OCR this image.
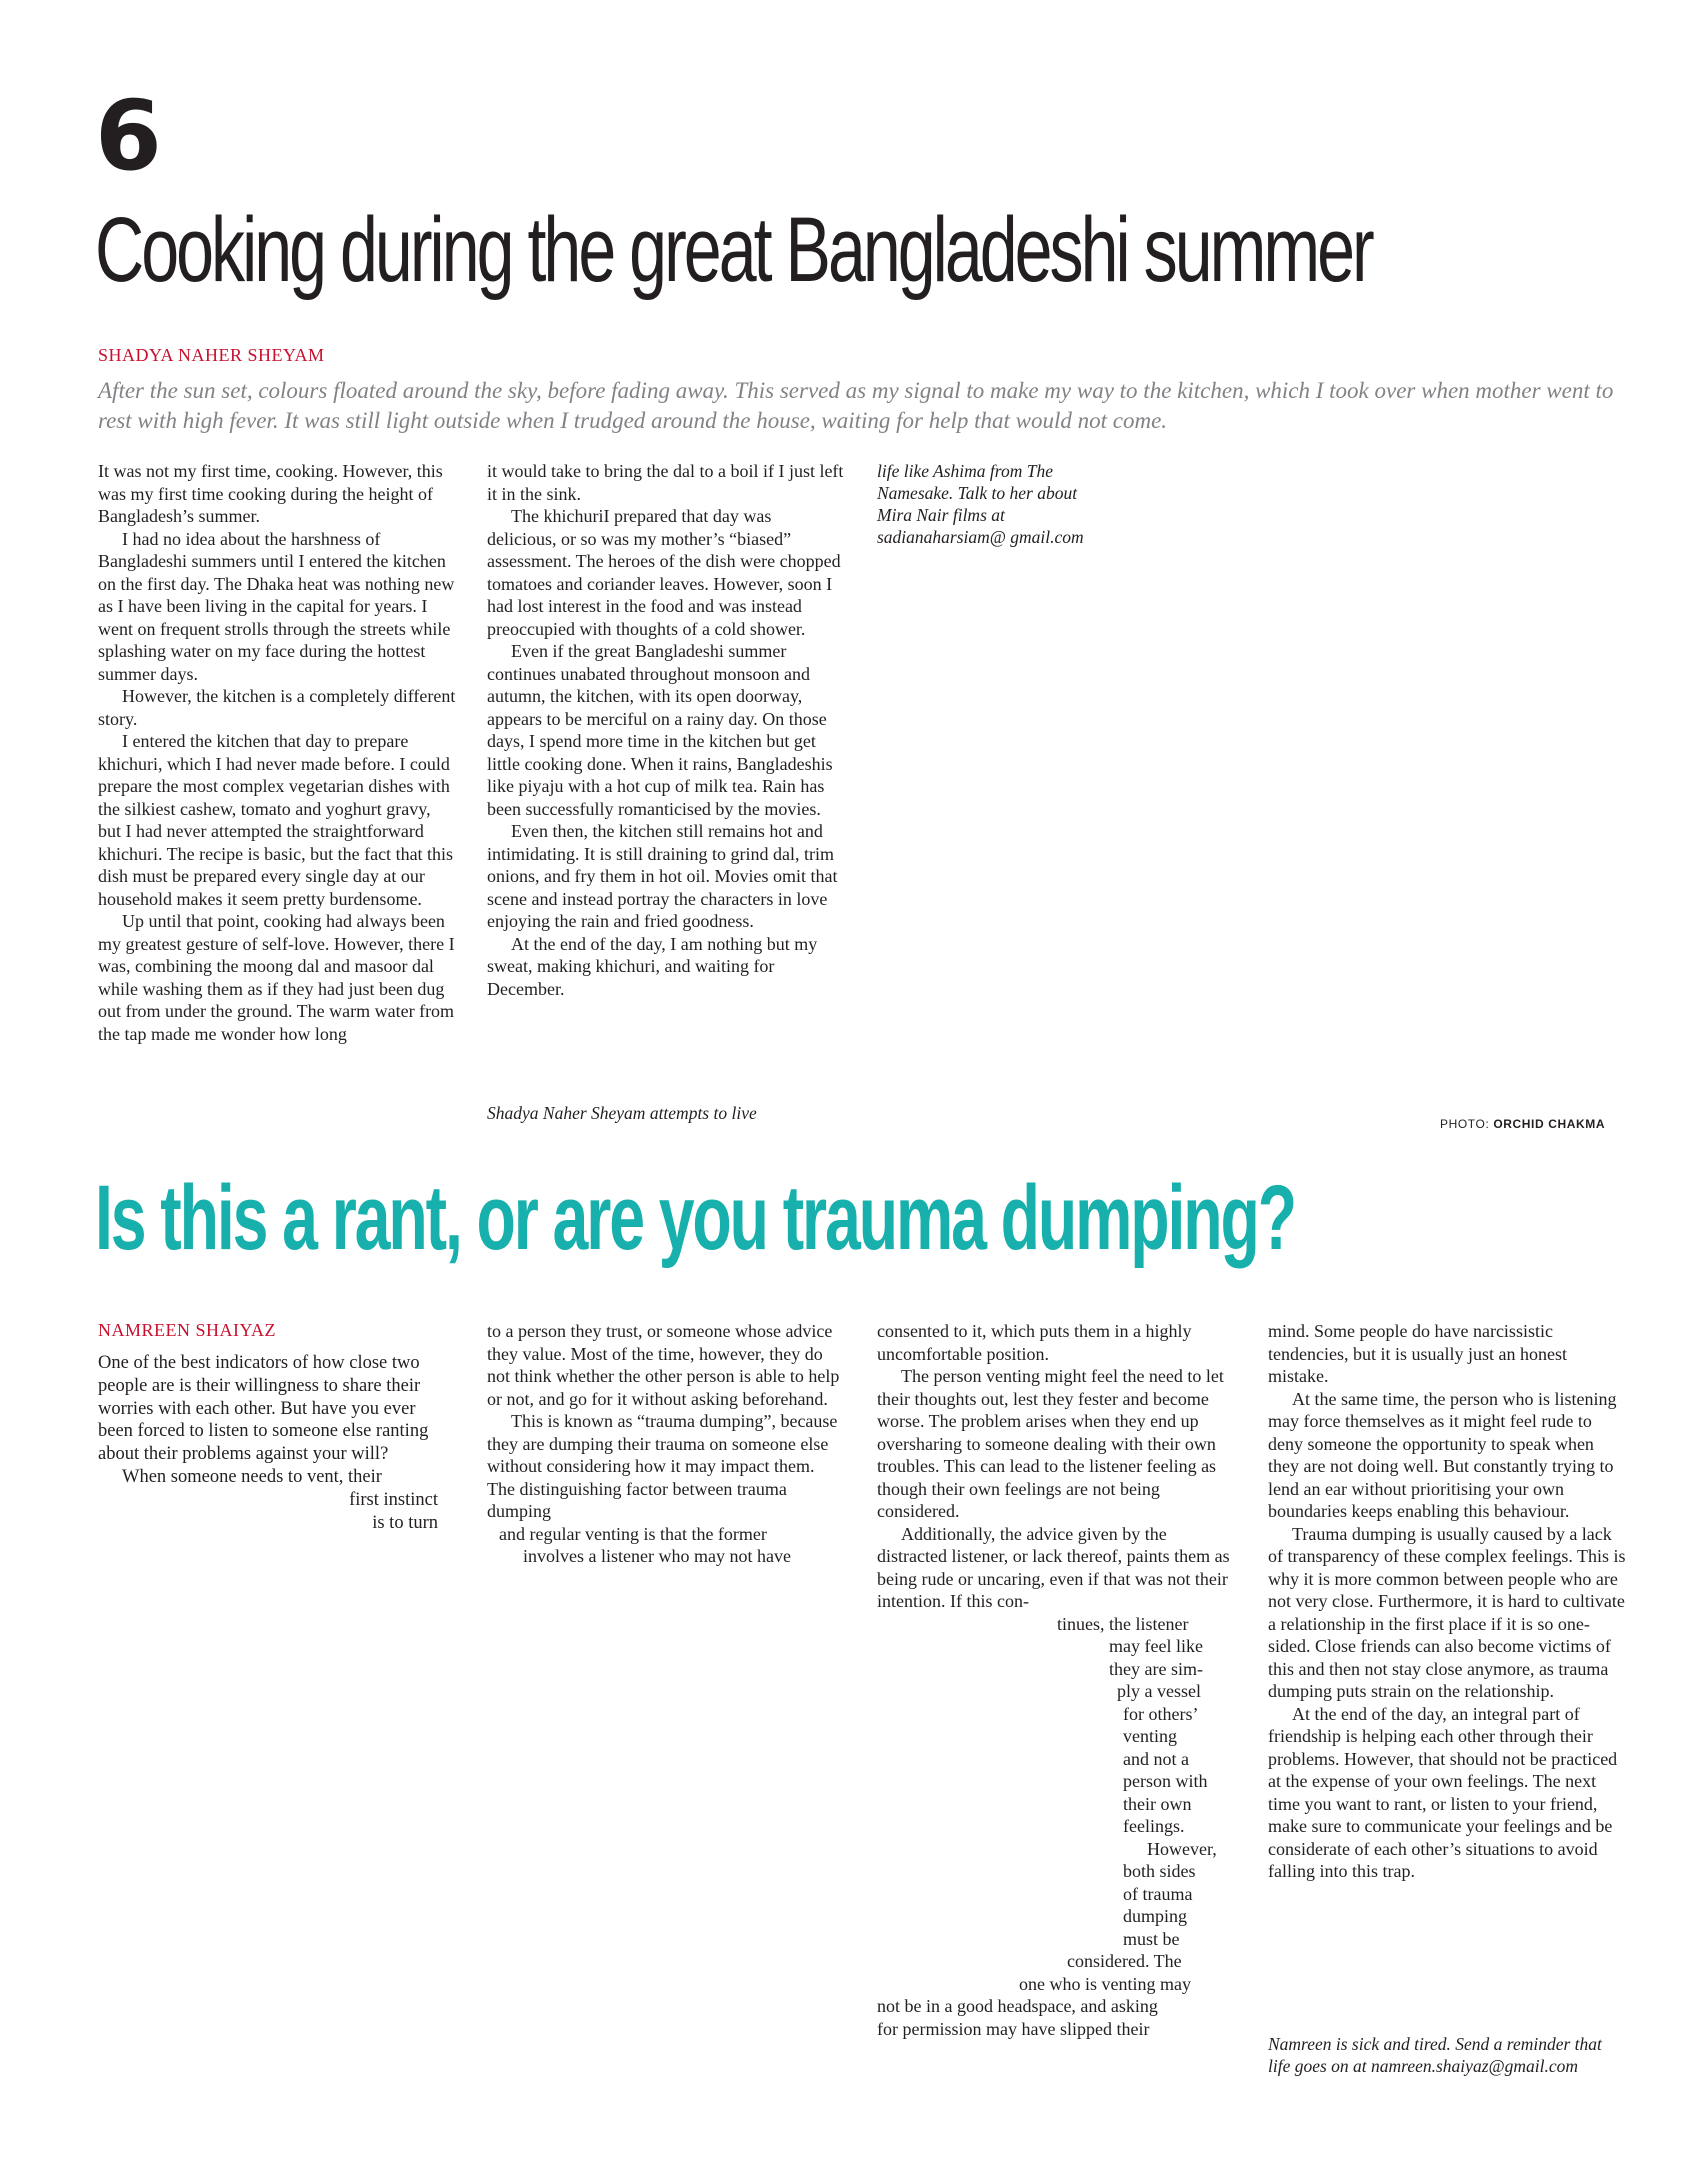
6
Cooking during the great Bangladeshi summer
SHADYA NAHER SHEYAM
After the sun set, colours floated around the sky, before fading away. This served as my signal to make my way to the kitchen, which I took over when mother went to rest with high fever. It was still light outside when I trudged around the house, waiting for help that would not come.

It was not my first time, cooking. However, this was my first time cooking during the height of Bangladesh’s summer.

I had no idea about the harshness of Bangladeshi summers until I entered the kitchen on the first day. The Dhaka heat was nothing new as I have been living in the capital for years. I went on frequent strolls through the streets while splashing water on my face during the hottest summer days.

However, the kitchen is a completely different story.

I entered the kitchen that day to prepare khichuri, which I had never made before. I could prepare the most complex vegetarian dishes with the silkiest cashew, tomato and yoghurt gravy, but I had never attempted the straightforward khichuri. The recipe is basic, but the fact that this dish must be prepared every single day at our household makes it seem pretty burdensome.

Up until that point, cooking had always been my greatest gesture of self-love. However, there I was, combining the moong dal and masoor dal while washing them as if they had just been dug out from under the ground. The warm water from the tap made me wonder how long

it would take to bring the dal to a boil if I just left it in the sink.

The khichuriI prepared that day was delicious, or so was my mother’s “biased” assessment. The heroes of the dish were chopped tomatoes and coriander leaves. However, soon I had lost interest in the food and was instead preoccupied with thoughts of a cold shower.

Even if the great Bangladeshi summer continues unabated throughout monsoon and autumn, the kitchen, with its open doorway, appears to be merciful on a rainy day. On those days, I spend more time in the kitchen but get little cooking done. When it rains, Bangladeshis like piyaju with a hot cup of milk tea. Rain has been successfully romanticised by the movies.

Even then, the kitchen still remains hot and intimidating. It is still draining to grind dal, trim onions, and fry them in hot oil. Movies omit that scene and instead portray the characters in love enjoying the rain and fried goodness.

At the end of the day, I am nothing but my sweat, making khichuri, and waiting for December.

Shadya Naher Sheyam attempts to live
life like Ashima from The Namesake. Talk to her about Mira Nair films at sadianaharsiam@ gmail.com
PHOTO: ORCHID CHAKMA
Is this a rant, or are you trauma dumping?
NAMREEN SHAIYAZ

One of the best indicators of how close two people are is their willingness to share their worries with each other. But have you ever been forced to listen to someone else ranting about their problems against your will?

When someone needs to vent, their

first instinct
is to turn

to a person they trust, or someone whose advice they value. Most of the time, however, they do not think whether the other person is able to help or not, and go for it without asking beforehand.

This is known as “trauma dumping”, because they are dumping their trauma on someone else without considering how it may impact them. The distinguishing factor between trauma dumping

and regular venting is that the former
involves a listener who may not have

consented to it, which puts them in a highly uncomfortable position.

The person venting might feel the need to let their thoughts out, lest they fester and become worse. The problem arises when they end up oversharing to someone dealing with their own troubles. This can lead to the listener feeling as though their own feelings are not being considered.

Additionally, the advice given by the distracted listener, or lack thereof, paints them as being rude or uncaring, even if that was not their intention. If this con-

tinues, the listener
may feel like
they are sim-
ply a vessel
for others’
venting
and not a
person with
their own
feelings.
However,
both sides
of trauma
dumping
must be
considered. The
one who is venting may
not be in a good headspace, and asking
for permission may have slipped their

mind. Some people do have narcissistic tendencies, but it is usually just an honest mistake.

At the same time, the person who is listening may force themselves as it might feel rude to deny someone the opportunity to speak when they are not doing well. But constantly trying to lend an ear without prioritising your own boundaries keeps enabling this behaviour.

Trauma dumping is usually caused by a lack of transparency of these complex feelings. This is why it is more common between people who are not very close. Furthermore, it is hard to cultivate a relationship in the first place if it is so one-sided. Close friends can also become victims of this and then not stay close anymore, as trauma dumping puts strain on the relationship.

At the end of the day, an integral part of friendship is helping each other through their problems. However, that should not be practiced at the expense of your own feelings. The next time you want to rant, or listen to your friend, make sure to communicate your feelings and be considerate of each other’s situations to avoid falling into this trap.

Namreen is sick and tired. Send a reminder that life goes on at namreen.shaiyaz@gmail.com
